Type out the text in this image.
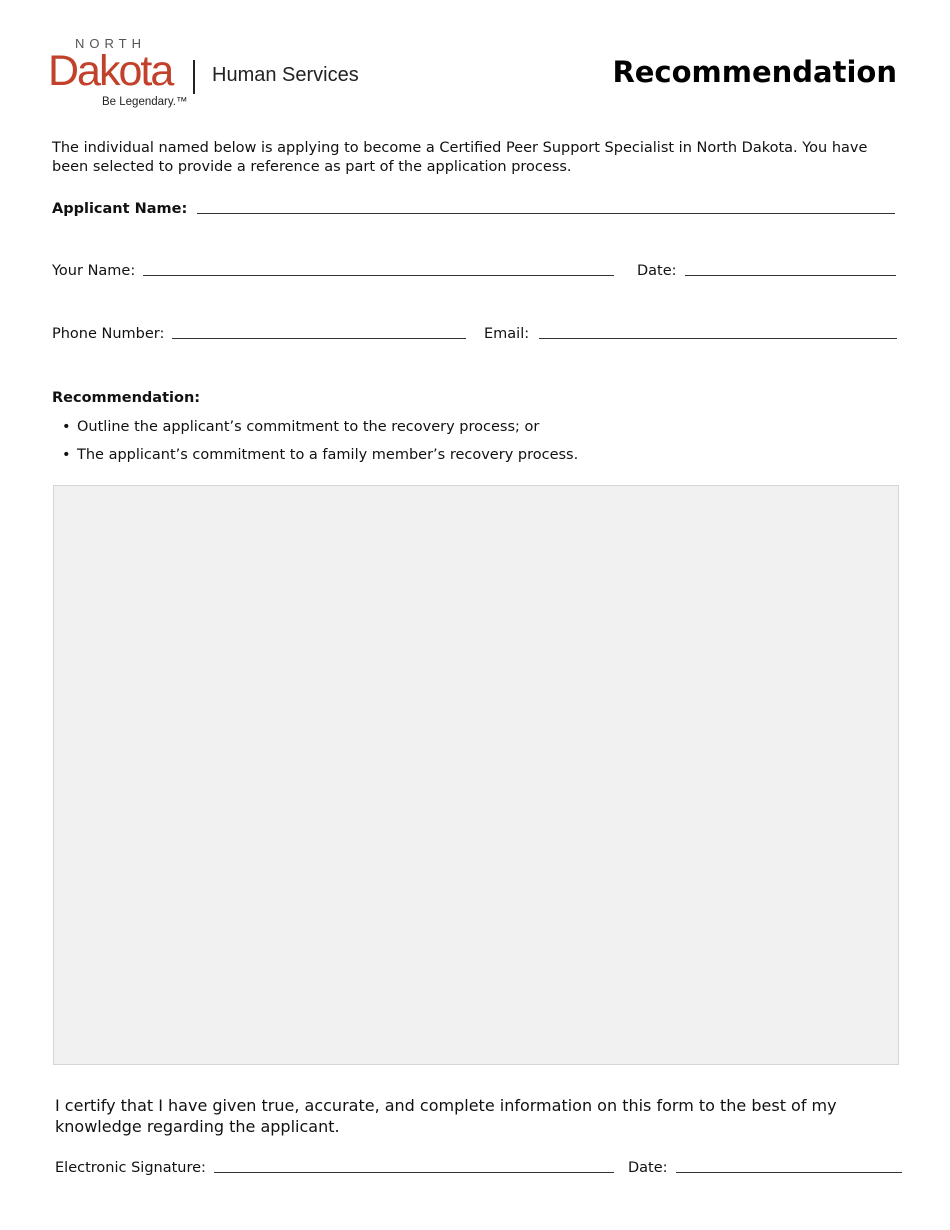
NORTH
Dakota Human Services
Be Legendary.™
Recommendation
The individual named below is applying to become a Certified Peer Support Specialist in North Dakota. You have been selected to provide a reference as part of the application process.
Applicant Name:
Your Name:	Date:
Phone Number:	Email:
Recommendation:
• Outline the applicant’s commitment to the recovery process; or
• The applicant’s commitment to a family member’s recovery process.
I certify that I have given true, accurate, and complete information on this form to the best of my knowledge regarding the applicant.
Electronic Signature:	Date:
